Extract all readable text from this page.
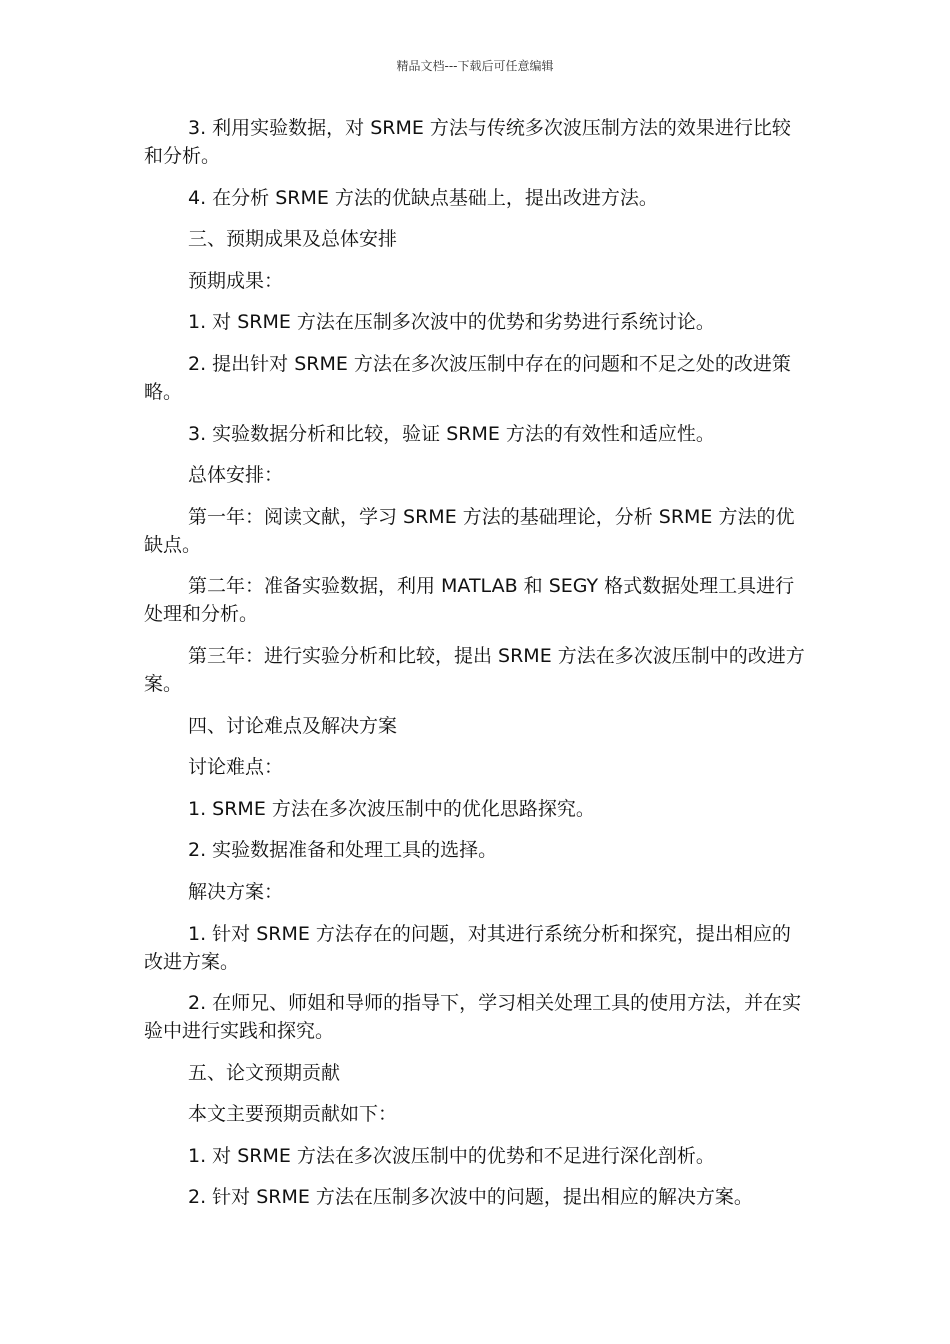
精品文档---下载后可任意编辑

3. 利用实验数据，对 SRME 方法与传统多次波压制方法的效果进行比较和分析。

4. 在分析 SRME 方法的优缺点基础上，提出改进方法。

三、预期成果及总体安排

预期成果：

1. 对 SRME 方法在压制多次波中的优势和劣势进行系统讨论。

2. 提出针对 SRME 方法在多次波压制中存在的问题和不足之处的改进策略。

3. 实验数据分析和比较，验证 SRME 方法的有效性和适应性。

总体安排：

第一年：阅读文献，学习 SRME 方法的基础理论，分析 SRME 方法的优缺点。

第二年：准备实验数据，利用 MATLAB 和 SEGY 格式数据处理工具进行处理和分析。

第三年：进行实验分析和比较，提出 SRME 方法在多次波压制中的改进方案。

四、讨论难点及解决方案

讨论难点：

1. SRME 方法在多次波压制中的优化思路探究。

2. 实验数据准备和处理工具的选择。

解决方案：

1. 针对 SRME 方法存在的问题，对其进行系统分析和探究，提出相应的改进方案。

2. 在师兄、师姐和导师的指导下，学习相关处理工具的使用方法，并在实验中进行实践和探究。

五、论文预期贡献

本文主要预期贡献如下：

1. 对 SRME 方法在多次波压制中的优势和不足进行深化剖析。

2. 针对 SRME 方法在压制多次波中的问题，提出相应的解决方案。
